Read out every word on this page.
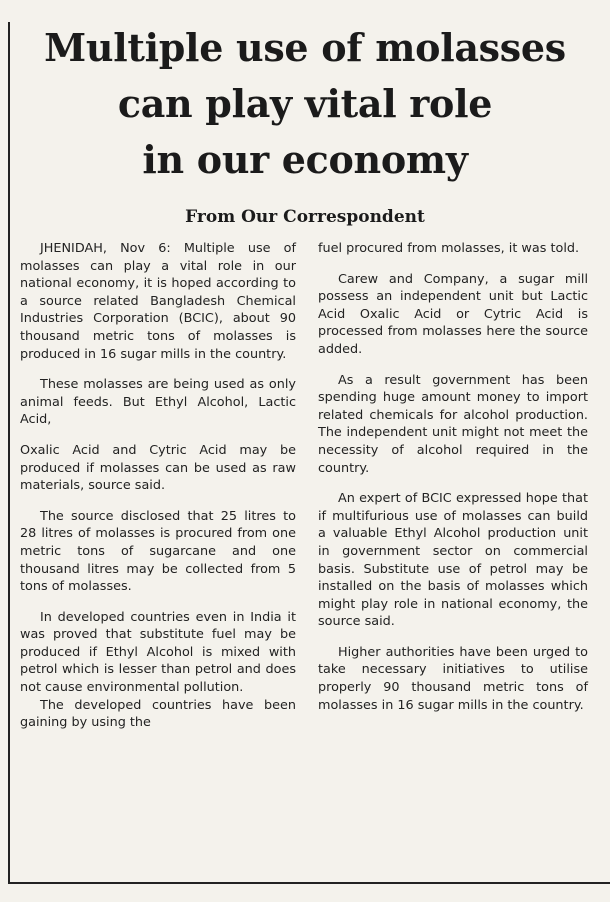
Multiple use of molasses
can play vital role
in our economy
From Our Correspondent

JHENIDAH, Nov 6: Multiple use of molasses can play a vital role in our national economy, it is hoped according to a source related Bangladesh Chemical Industries Corporation (BCIC), about 90 thousand metric tons of molasses is produced in 16 sugar mills in the country.

These molasses are being used as only animal feeds. But Ethyl Alcohol, Lactic Acid,

Oxalic Acid and Cytric Acid may be produced if molasses can be used as raw materials, source said.

The source disclosed that 25 litres to 28 litres of molasses is procured from one metric tons of sugarcane and one thousand litres may be collected from 5 tons of molasses.

In developed countries even in India it was proved that substitute fuel may be produced if Ethyl Alcohol is mixed with petrol which is lesser than petrol and does not cause environmental pollution.

The developed countries have been gaining by using the

fuel procured from molasses, it was told.

Carew and Company, a sugar mill possess an independent unit but Lactic Acid Oxalic Acid or Cytric Acid is processed from molasses here the source added.

As a result government has been spending huge amount money to import related chemicals for alcohol production. The independent unit might not meet the necessity of alcohol required in the country.

An expert of BCIC expressed hope that if multifurious use of molasses can build a valuable Ethyl Alcohol production unit in government sector on commercial basis. Substitute use of petrol may be installed on the basis of molasses which might play role in national economy, the source said.

Higher authorities have been urged to take necessary initiatives to utilise properly 90 thousand metric tons of molasses in 16 sugar mills in the country.
